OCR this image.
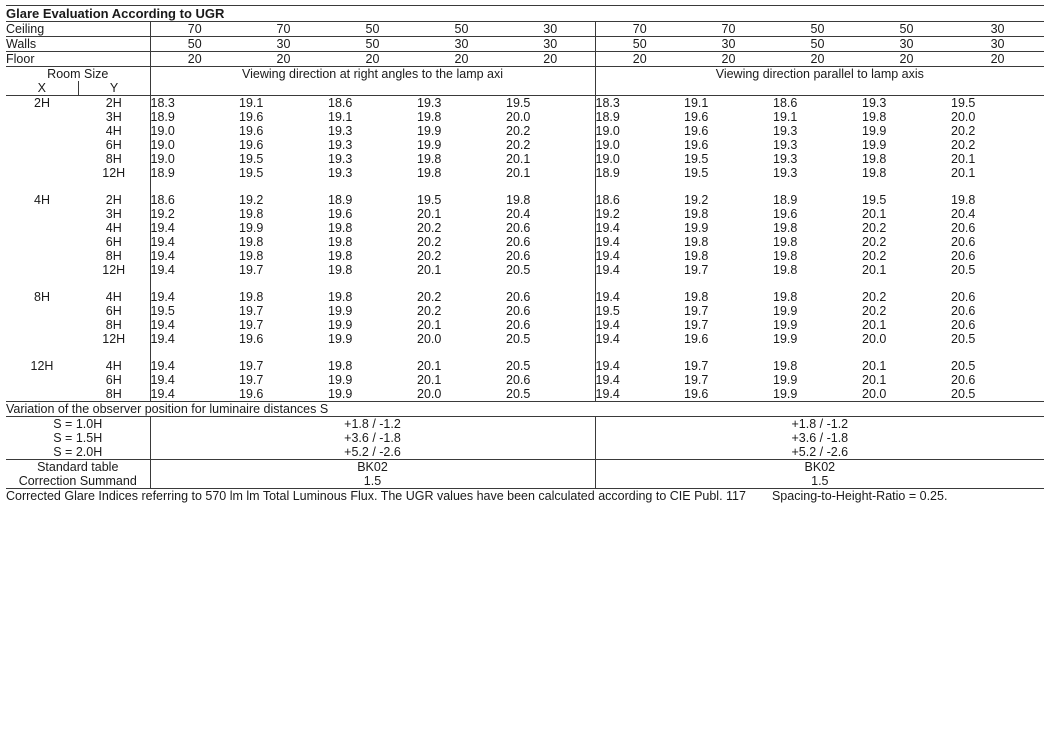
Glare Evaluation According to UGR											
Ceiling		70	70	50	50	30	70	70	50	50	30
Walls		50	30	50	30	30	50	30	50	30	30
Floor		20	20	20	20	20	20	20	20	20	20
Room Size		Viewing direction at right angles to the lamp axi					Viewing direction parallel to lamp axis				
X	Y										
2H	2H	18.3	19.1	18.6	19.3	19.5	18.3	19.1	18.6	19.3	19.5
	3H	18.9	19.6	19.1	19.8	20.0	18.9	19.6	19.1	19.8	20.0
	4H	19.0	19.6	19.3	19.9	20.2	19.0	19.6	19.3	19.9	20.2
	6H	19.0	19.6	19.3	19.9	20.2	19.0	19.6	19.3	19.9	20.2
	8H	19.0	19.5	19.3	19.8	20.1	19.0	19.5	19.3	19.8	20.1
	12H	18.9	19.5	19.3	19.8	20.1	18.9	19.5	19.3	19.8	20.1

4H	2H	18.6	19.2	18.9	19.5	19.8	18.6	19.2	18.9	19.5	19.8
	3H	19.2	19.8	19.6	20.1	20.4	19.2	19.8	19.6	20.1	20.4
	4H	19.4	19.9	19.8	20.2	20.6	19.4	19.9	19.8	20.2	20.6
	6H	19.4	19.8	19.8	20.2	20.6	19.4	19.8	19.8	20.2	20.6
	8H	19.4	19.8	19.8	20.2	20.6	19.4	19.8	19.8	20.2	20.6
	12H	19.4	19.7	19.8	20.1	20.5	19.4	19.7	19.8	20.1	20.5

8H	4H	19.4	19.8	19.8	20.2	20.6	19.4	19.8	19.8	20.2	20.6
	6H	19.5	19.7	19.9	20.2	20.6	19.5	19.7	19.9	20.2	20.6
	8H	19.4	19.7	19.9	20.1	20.6	19.4	19.7	19.9	20.1	20.6
	12H	19.4	19.6	19.9	20.0	20.5	19.4	19.6	19.9	20.0	20.5

12H	4H	19.4	19.7	19.8	20.1	20.5	19.4	19.7	19.8	20.1	20.5
	6H	19.4	19.7	19.9	20.1	20.6	19.4	19.7	19.9	20.1	20.6
	8H	19.4	19.6	19.9	20.0	20.5	19.4	19.6	19.9	20.0	20.5
Variation of the observer position for luminaire distances S											
S = 1.0H		+1.8 / -1.2					+1.8 / -1.2				
S = 1.5H		+3.6 / -1.8					+3.6 / -1.8				
S = 2.0H		+5.2 / -2.6					+5.2 / -2.6				
Standard table		BK02					BK02				
Correction Summand		1.5					1.5				
Corrected Glare Indices referring to 570 lm lm Total Luminous Flux. The UGR values have been calculated according to CIE Publ. 117 Spacing-to-Height-Ratio = 0.25.											
